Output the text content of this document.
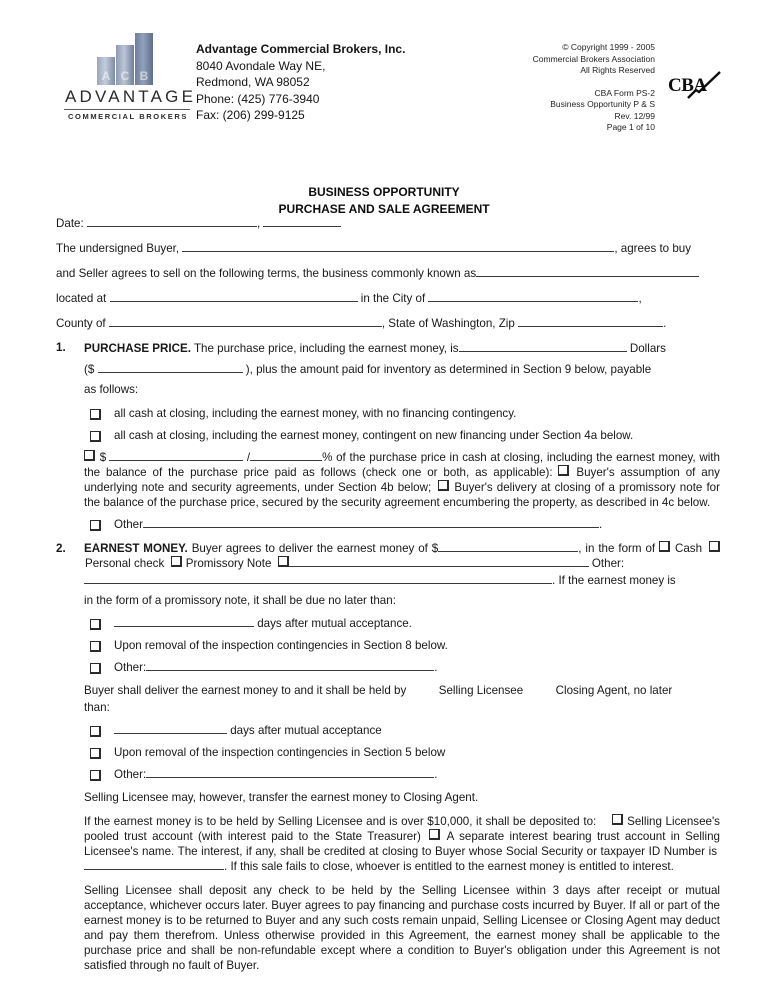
A C B
ADVANTAGE
COMMERCIAL BROKERS
Advantage Commercial Brokers, Inc.
8040 Avondale Way NE,
Redmond, WA 98052
Phone: (425) 776-3940
Fax: (206) 299-9125
© Copyright 1999 - 2005
Commercial Brokers Association
All Rights Reserved
CBA Form PS-2
Business Opportunity P & S
Rev. 12/99
Page 1 of 10
CBA
BUSINESS OPPORTUNITY
PURCHASE AND SALE AGREEMENT
Date:	,
The undersigned Buyer,	, agrees to buy
and Seller agrees to sell on the following terms, the business commonly known as
located at	in the City of	,
County of	, State of Washington, Zip	.
1. PURCHASE PRICE. The purchase price, including the earnest money, is	Dollars
($	), plus the amount paid for inventory as determined in Section 9 below, payable
as follows:
all cash at closing, including the earnest money, with no financing contingency.
all cash at closing, including the earnest money, contingent on new financing under Section 4a below.
$	/	% of the purchase price in cash at closing, including the earnest money, with the balance of the purchase price paid as follows (check one or both, as applicable): Buyer's assumption of any underlying note and security agreements, under Section 4b below; Buyer's delivery at closing of a promissory note for the balance of the purchase price, secured by the security agreement encumbering the property, as described in 4c below.
Other	.
2. EARNEST MONEY. Buyer agrees to deliver the earnest money of $	, in the form of Cash  Personal check Promissory Note	Other:
. If the earnest money is
in the form of a promissory note, it shall be due no later than:
days after mutual acceptance.
Upon removal of the inspection contingencies in Section 8 below.
Other:	.
Buyer shall deliver the earnest money to and it shall be held by	Selling Licensee	Closing Agent, no later
than:
days after mutual acceptance
Upon removal of the inspection contingencies in Section 5 below
Other:	.
Selling Licensee may, however, transfer the earnest money to Closing Agent.
If the earnest money is to be held by Selling Licensee and is over $10,000, it shall be deposited to:	Selling Licensee's pooled trust account (with interest paid to the State Treasurer) A separate interest bearing trust account in Selling Licensee's name. The interest, if any, shall be credited at closing to Buyer whose Social Security or taxpayer ID Number is. If this sale fails to close, whoever is entitled to the earnest money is entitled to interest.
Selling Licensee shall deposit any check to be held by the Selling Licensee within 3 days after receipt or mutual acceptance, whichever occurs later. Buyer agrees to pay financing and purchase costs incurred by Buyer. If all or part of the earnest money is to be returned to Buyer and any such costs remain unpaid, Selling Licensee or Closing Agent may deduct and pay them therefrom. Unless otherwise provided in this Agreement, the earnest money shall be applicable to the purchase price and shall be non-refundable except where a condition to Buyer's obligation under this Agreement is not satisfied through no fault of Buyer.
